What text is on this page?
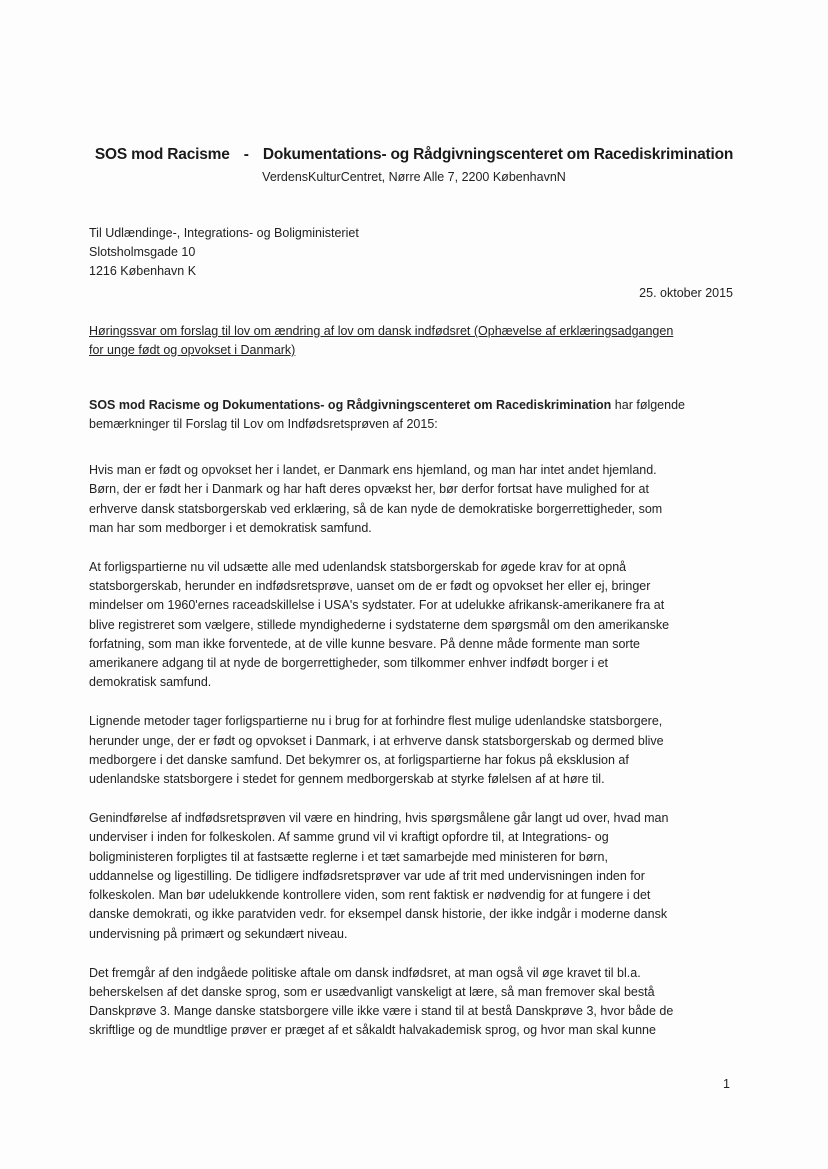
SOS mod Racisme - Dokumentations- og Rådgivningscenteret om Racediskrimination
VerdensKulturCentret, Nørre Alle 7, 2200 KøbenhavnN
Til Udlændinge-, Integrations- og Boligministeriet
Slotsholmsgade 10
1216 København K
25. oktober 2015
Høringssvar om forslag til lov om ændring af lov om dansk indfødsret (Ophævelse af erklæringsadgangen
for unge født og opvokset i Danmark)
SOS mod Racisme og Dokumentations- og Rådgivningscenteret om Racediskrimination har følgende
bemærkninger til Forslag til Lov om Indfødsretsprøven af 2015:
Hvis man er født og opvokset her i landet, er Danmark ens hjemland, og man har intet andet hjemland.
Børn, der er født her i Danmark og har haft deres opvækst her, bør derfor fortsat have mulighed for at
erhverve dansk statsborgerskab ved erklæring, så de kan nyde de demokratiske borgerrettigheder, som
man har som medborger i et demokratisk samfund.
At forligspartierne nu vil udsætte alle med udenlandsk statsborgerskab for øgede krav for at opnå
statsborgerskab, herunder en indfødsretsprøve, uanset om de er født og opvokset her eller ej, bringer
mindelser om 1960'ernes raceadskillelse i USA's sydstater. For at udelukke afrikansk-amerikanere fra at
blive registreret som vælgere, stillede myndighederne i sydstaterne dem spørgsmål om den amerikanske
forfatning, som man ikke forventede, at de ville kunne besvare. På denne måde formente man sorte
amerikanere adgang til at nyde de borgerrettigheder, som tilkommer enhver indfødt borger i et
demokratisk samfund.
Lignende metoder tager forligspartierne nu i brug for at forhindre flest mulige udenlandske statsborgere,
herunder unge, der er født og opvokset i Danmark, i at erhverve dansk statsborgerskab og dermed blive
medborgere i det danske samfund. Det bekymrer os, at forligspartierne har fokus på eksklusion af
udenlandske statsborgere i stedet for gennem medborgerskab at styrke følelsen af at høre til.
Genindførelse af indfødsretsprøven vil være en hindring, hvis spørgsmålene går langt ud over, hvad man
underviser i inden for folkeskolen. Af samme grund vil vi kraftigt opfordre til, at Integrations- og
boligministeren forpligtes til at fastsætte reglerne i et tæt samarbejde med ministeren for børn,
uddannelse og ligestilling. De tidligere indfødsretsprøver var ude af trit med undervisningen inden for
folkeskolen. Man bør udelukkende kontrollere viden, som rent faktisk er nødvendig for at fungere i det
danske demokrati, og ikke paratviden vedr. for eksempel dansk historie, der ikke indgår i moderne dansk
undervisning på primært og sekundært niveau.
Det fremgår af den indgåede politiske aftale om dansk indfødsret, at man også vil øge kravet til bl.a.
beherskelsen af det danske sprog, som er usædvanligt vanskeligt at lære, så man fremover skal bestå
Danskprøve 3. Mange danske statsborgere ville ikke være i stand til at bestå Danskprøve 3, hvor både de
skriftlige og de mundtlige prøver er præget af et såkaldt halvakademisk sprog, og hvor man skal kunne
1
